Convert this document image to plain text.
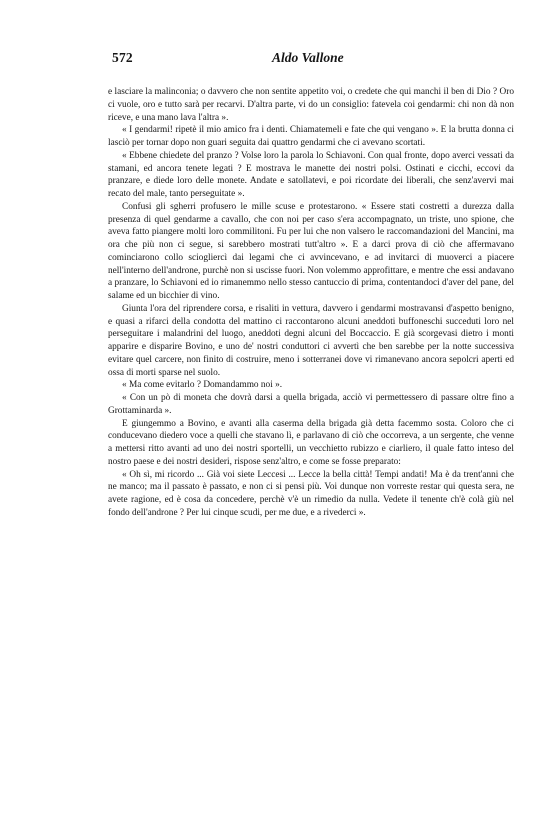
572	Aldo Vallone

e lasciare la malinconia; o davvero che non sentite appetito voi, o credete che qui manchi il ben di Dio ? Oro ci vuole, oro e tutto sarà per recarvi. D'altra parte, vi do un consiglio: fatevela coi gendarmi: chi non dà non riceve, e una mano lava l'altra ».

« I gendarmi! ripetè il mio amico fra i denti. Chiamatemeli e fate che qui vengano ». E la brutta donna ci lasciò per tornar dopo non guari seguita dai quattro gendarmi che ci avevano scortati.

« Ebbene chiedete del pranzo ? Volse loro la parola lo Schiavoni. Con qual fronte, dopo averci vessati da stamani, ed ancora tenete legati ? E mostrava le manette dei nostri polsi. Ostinati e cicchi, eccovi da pranzare, e diede loro delle monete. Andate e satollatevi, e poi ricordate dei liberali, che senz'avervi mai recato del male, tanto perseguitate ».

Confusi gli sgherri profusero le mille scuse e protestarono. « Essere stati costretti a durezza dalla presenza di quel gendarme a cavallo, che con noi per caso s'era accompagnato, un triste, uno spione, che aveva fatto piangere molti loro commilitoni. Fu per lui che non valsero le raccomandazioni del Mancini, ma ora che più non ci segue, si sarebbero mostrati tutt'altro ». E a darci prova di ciò che affermavano cominciarono collo sciogliercì dai legami che ci avvincevano, e ad invitarci di muoverci a piacere nell'interno dell'androne, purchè non si uscisse fuori. Non volemmo approfittare, e mentre che essi andavano a pranzare, lo Schiavoni ed io rimanemmo nello stesso cantuccio di prima, contentandoci d'aver del pane, del salame ed un bicchier di vino.

Giunta l'ora del riprendere corsa, e risaliti in vettura, davvero i gendarmi mostravansi d'aspetto benigno, e quasi a rifarci della condotta del mattino ci raccontarono alcuni aneddoti buffoneschi succeduti loro nel perseguitare i malandrini del luogo, aneddoti degni alcuni del Boccaccio. E già scorgevasi dietro i monti apparire e disparire Bovino, e uno de' nostri conduttori ci avvertì che ben sarebbe per la notte successiva evitare quel carcere, non finito di costruire, meno i sotterranei dove vi rimanevano ancora sepolcri aperti ed ossa di morti sparse nel suolo.

« Ma come evitarlo ? Domandammo noi ».

« Con un pò di moneta che dovrà darsi a quella brigada, acciò vi permettessero di passare oltre fino a Grottaminarda ».

E giungemmo a Bovino, e avanti alla caserma della brigada già detta facemmo sosta. Coloro che ci conducevano diedero voce a quelli che stavano lì, e parlavano di ciò che occorreva, a un sergente, che venne a mettersi ritto avanti ad uno dei nostri sportelli, un vecchietto rubizzo e ciarliero, il quale fatto inteso del nostro paese e dei nostri desideri, rispose senz'altro, e come se fosse preparato:

« Oh sì, mi ricordo ... Già voi siete Leccesi ... Lecce la bella città! Tempi andati! Ma è da trent'anni che ne manco; ma il passato è passato, e non ci si pensi più. Voi dunque non vorreste restar qui questa sera, ne avete ragione, ed è cosa da concedere, perchè v'è un rimedio da nulla. Vedete il tenente ch'è colà giù nel fondo dell'androne ? Per lui cinque scudi, per me due, e a rivederci ».
